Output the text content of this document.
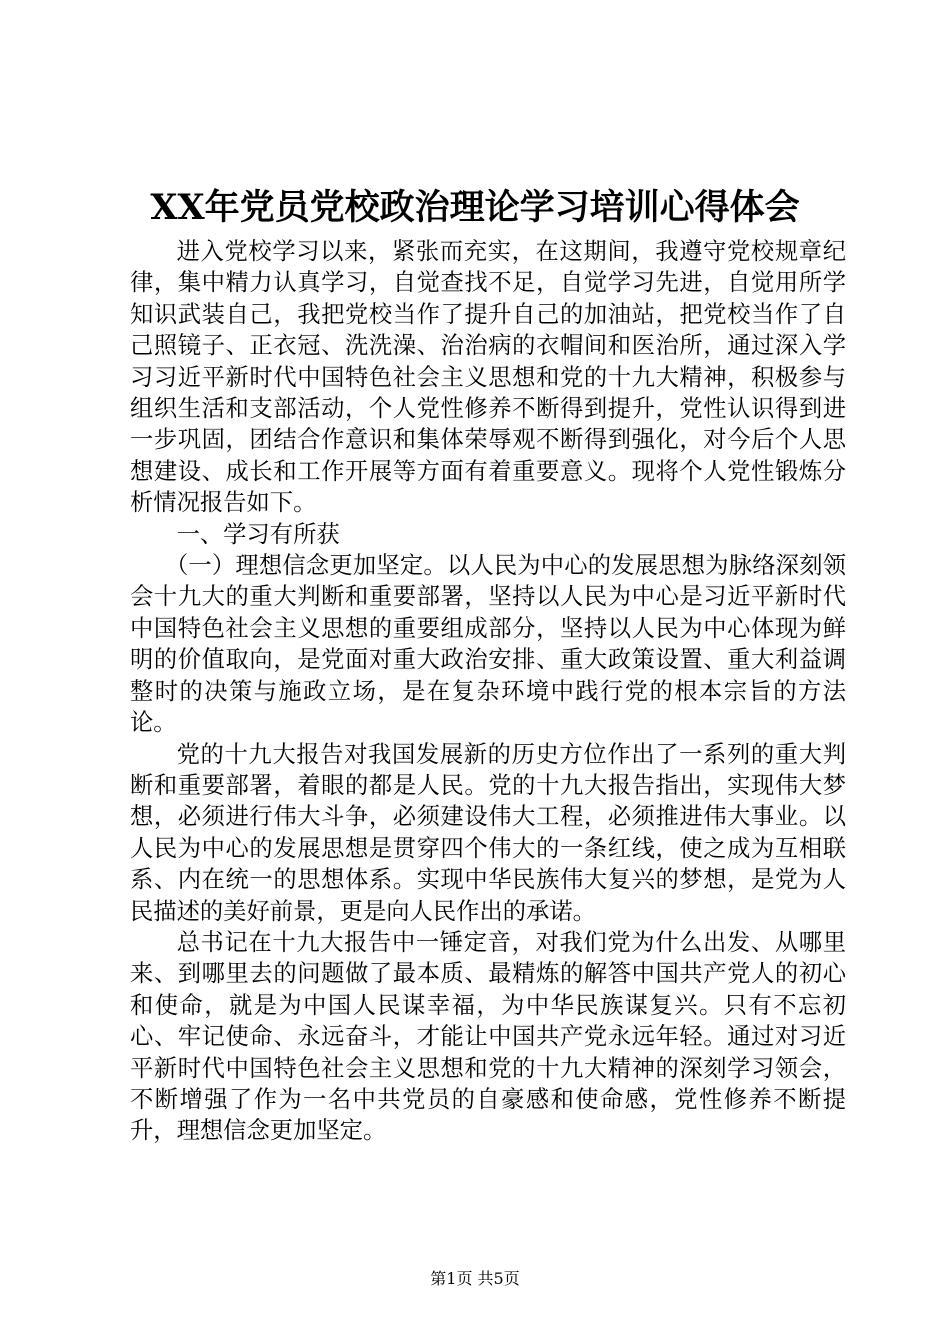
XX年党员党校政治理论学习培训心得体会

进入党校学习以来，紧张而充实，在这期间，我遵守党校规章纪律，集中精力认真学习，自觉查找不足，自觉学习先进，自觉用所学知识武装自己，我把党校当作了提升自己的加油站，把党校当作了自己照镜子、正衣冠、洗洗澡、治治病的衣帽间和医治所，通过深入学习习近平新时代中国特色社会主义思想和党的十九大精神，积极参与组织生活和支部活动，个人党性修养不断得到提升，党性认识得到进一步巩固，团结合作意识和集体荣辱观不断得到强化，对今后个人思想建设、成长和工作开展等方面有着重要意义。现将个人党性锻炼分析情况报告如下。

一、学习有所获

（一）理想信念更加坚定。以人民为中心的发展思想为脉络深刻领会十九大的重大判断和重要部署，坚持以人民为中心是习近平新时代中国特色社会主义思想的重要组成部分，坚持以人民为中心体现为鲜明的价值取向，是党面对重大政治安排、重大政策设置、重大利益调整时的决策与施政立场，是在复杂环境中践行党的根本宗旨的方法论。

党的十九大报告对我国发展新的历史方位作出了一系列的重大判断和重要部署，着眼的都是人民。党的十九大报告指出，实现伟大梦想，必须进行伟大斗争，必须建设伟大工程，必须推进伟大事业。以人民为中心的发展思想是贯穿四个伟大的一条红线，使之成为互相联系、内在统一的思想体系。实现中华民族伟大复兴的梦想，是党为人民描述的美好前景，更是向人民作出的承诺。

总书记在十九大报告中一锤定音，对我们党为什么出发、从哪里来、到哪里去的问题做了最本质、最精炼的解答中国共产党人的初心和使命，就是为中国人民谋幸福，为中华民族谋复兴。只有不忘初心、牢记使命、永远奋斗，才能让中国共产党永远年轻。通过对习近平新时代中国特色社会主义思想和党的十九大精神的深刻学习领会，不断增强了作为一名中共党员的自豪感和使命感，党性修养不断提升，理想信念更加坚定。

第1页 共5页
